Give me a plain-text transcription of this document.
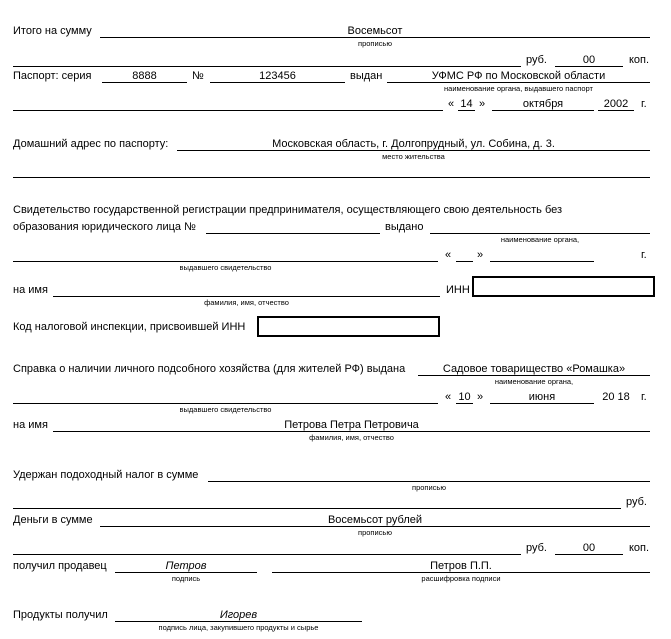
Итого на сумму	Восемьсот
прописью
руб.	00	коп.
Паспорт: серия	8888	№	123456	выдан	УФМС РФ по Московской области
наименование органа, выдавшего паспорт
« 14 »	октября	2002	г.
Домашний адрес по паспорту:	Московская область, г. Долгопрудный, ул. Собина, д. 3.
место жительства
Свидетельство государственной регистрации предпринимателя, осуществляющего свою деятельность без
образования юридического лица №	выдано
наименование органа,
выдавшего свидетельство
« »	г.
на имя
фамилия, имя, отчество
ИНН
Код налоговой инспекции, присвоившей ИНН
Справка о наличии личного подсобного хозяйства (для жителей РФ) выдана	Садовое товарищество «Ромашка»
наименование органа,
выдавшего свидетельство
« 10 »	июня	20 18	г.
на имя	Петрова Петра Петровича
фамилия, имя, отчество
Удержан подоходный налог в сумме
прописью
руб.
Деньги в сумме	Восемьсот рублей
прописью
руб.	00	коп.
получил продавец	Петров
подпись
Петров П.П.
расшифровка подписи
Продукты получил	Игорев
подпись лица, закупившего продукты и сырье
